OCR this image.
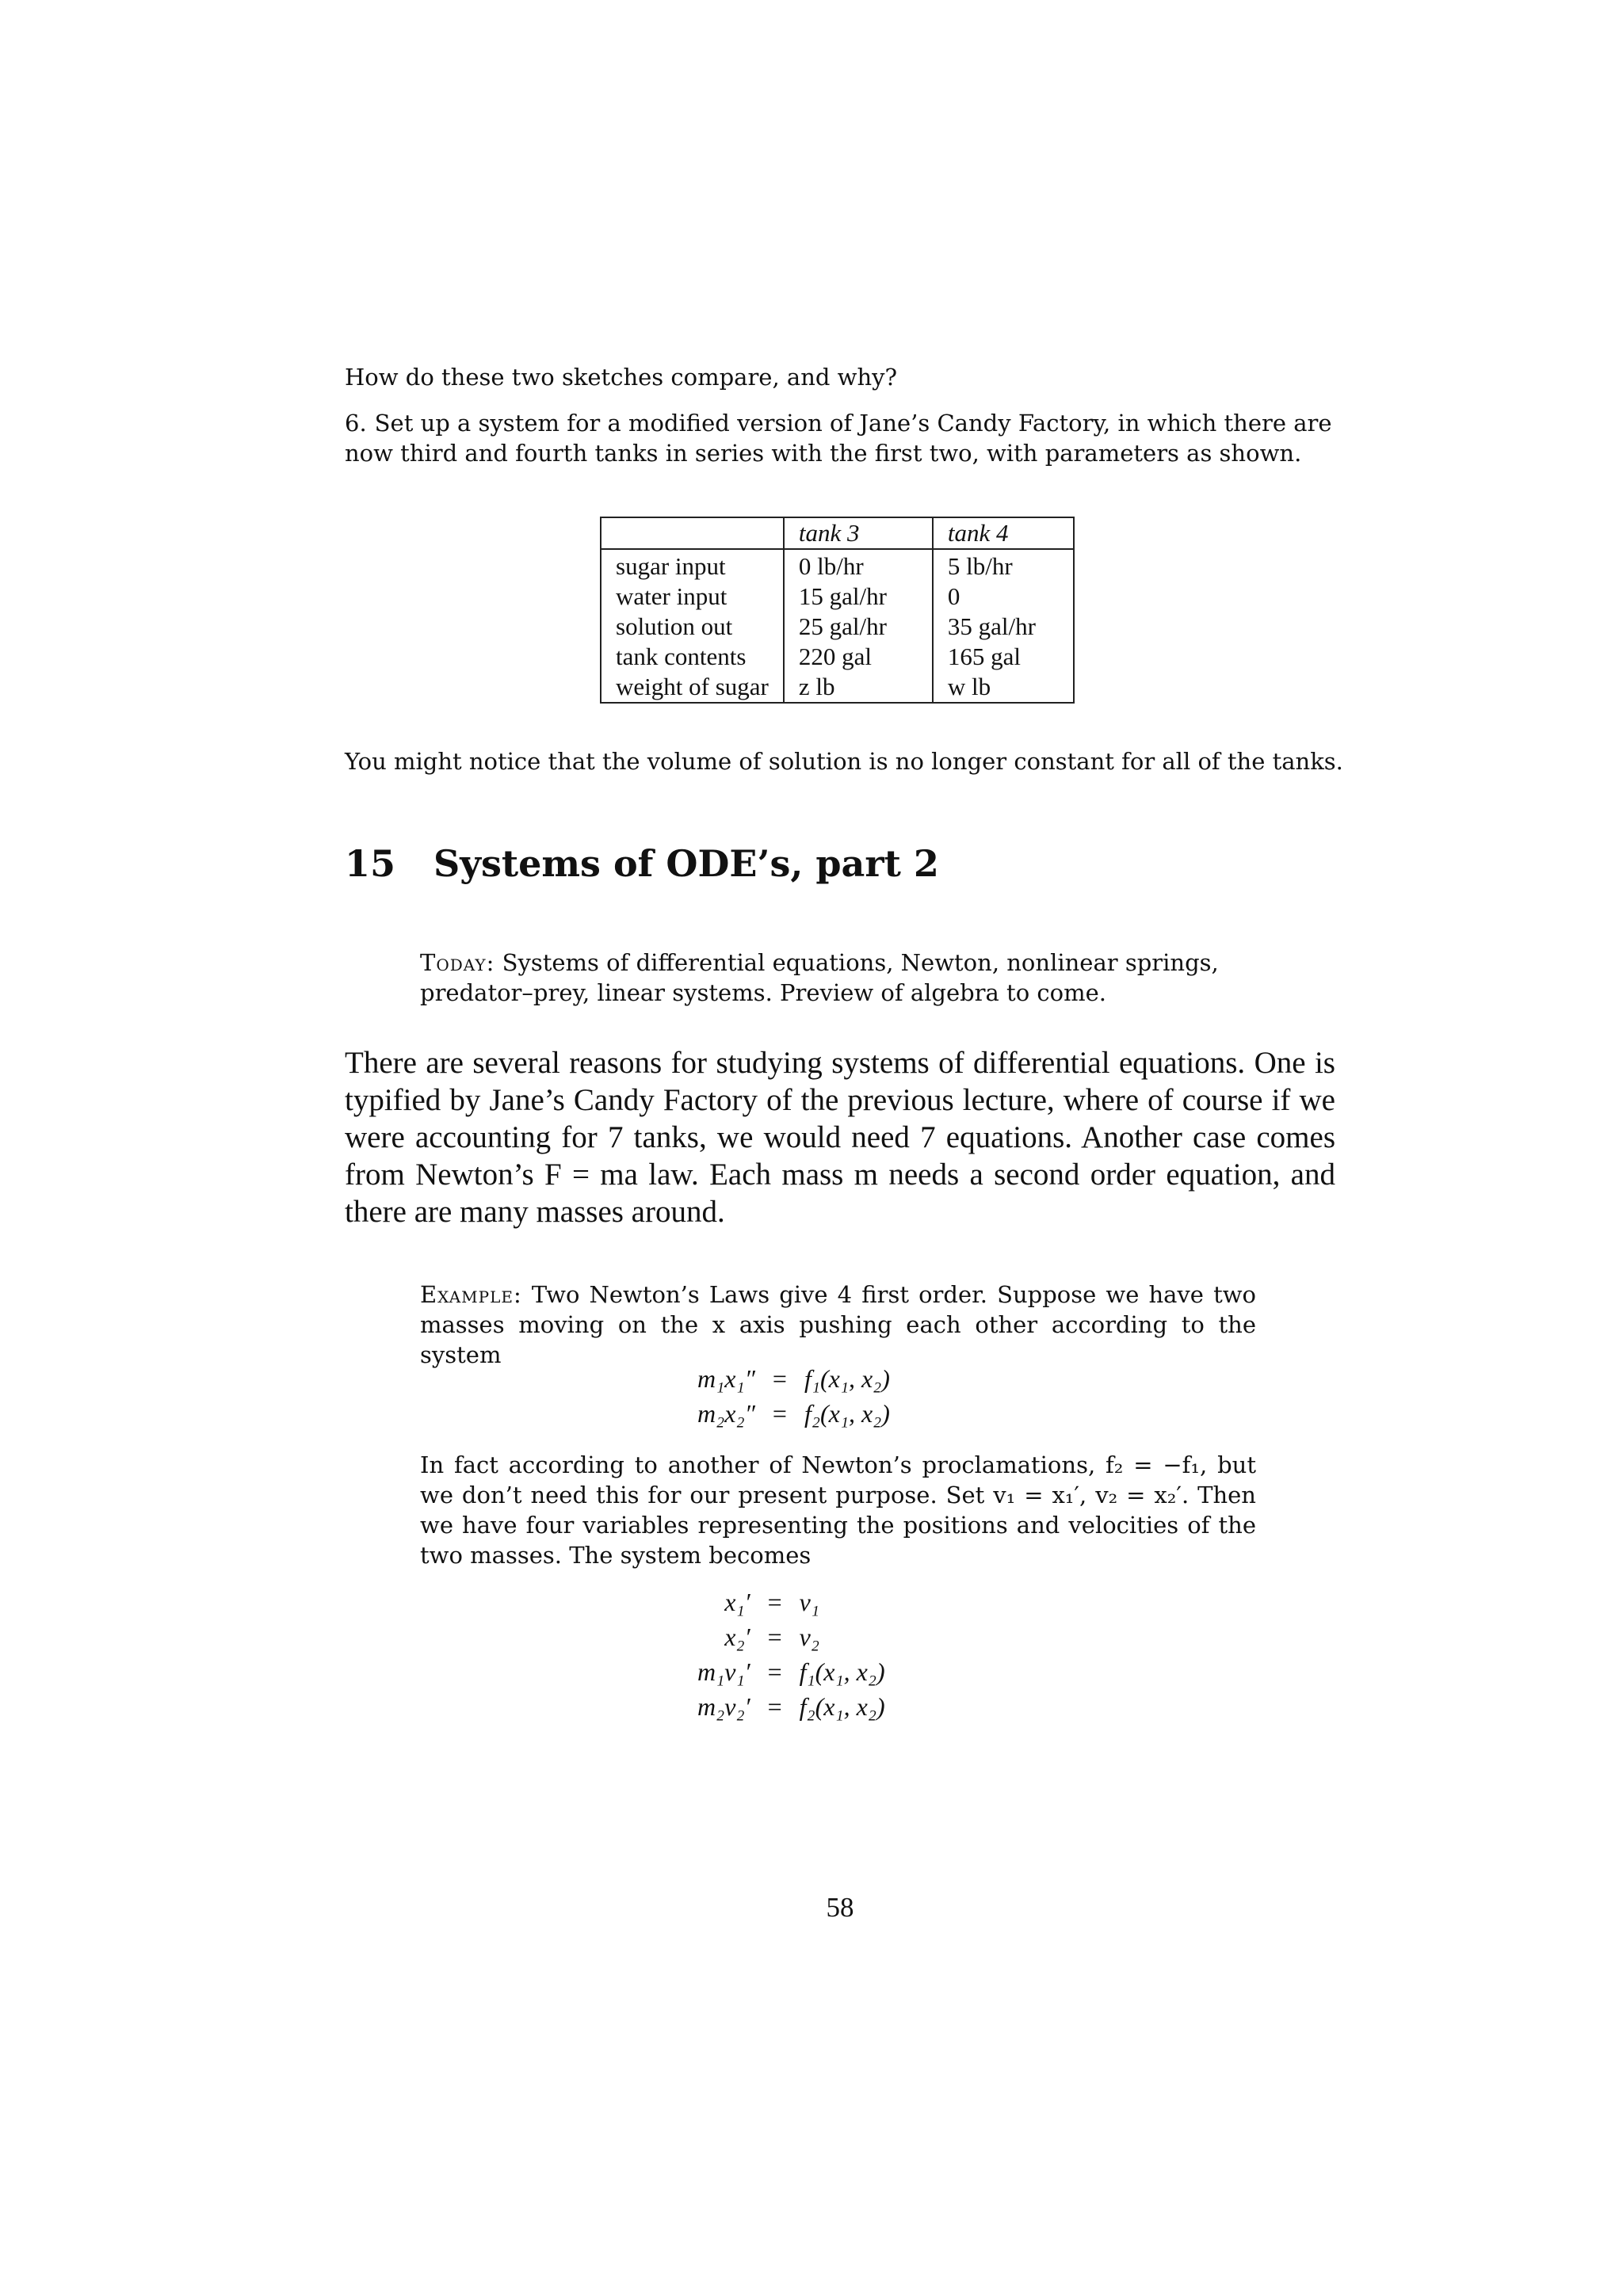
How do these two sketches compare, and why?
6. Set up a system for a modified version of Jane’s Candy Factory, in which there are now third and fourth tanks in series with the first two, with parameters as shown.
	tank 3	tank 4
sugar input	0 lb/hr	5 lb/hr
water input	15 gal/hr	0
solution out	25 gal/hr	35 gal/hr
tank contents	220 gal	165 gal
weight of sugar	z lb	w lb
You might notice that the volume of solution is no longer constant for all of the tanks.
15 Systems of ODE’s, part 2
Today: Systems of differential equations, Newton, nonlinear springs, predator–prey, linear systems. Preview of algebra to come.
There are several reasons for studying systems of differential equations. One is typified by Jane’s Candy Factory of the previous lecture, where of course if we were accounting for 7 tanks, we would need 7 equations. Another case comes from Newton’s F = ma law. Each mass m needs a second order equation, and there are many masses around.
Example: Two Newton’s Laws give 4 first order. Suppose we have two masses moving on the x axis pushing each other according to the system
m₁x₁″	=	f₁(x₁, x₂)
m₂x₂″	=	f₂(x₁, x₂)
In fact according to another of Newton’s proclamations, f₂ = −f₁, but we don’t need this for our present purpose. Set v₁ = x₁′, v₂ = x₂′. Then we have four variables representing the positions and velocities of the two masses. The system becomes
x₁′	=	v₁
x₂′	=	v₂
m₁v₁′	=	f₁(x₁, x₂)
m₂v₂′	=	f₂(x₁, x₂)
58
